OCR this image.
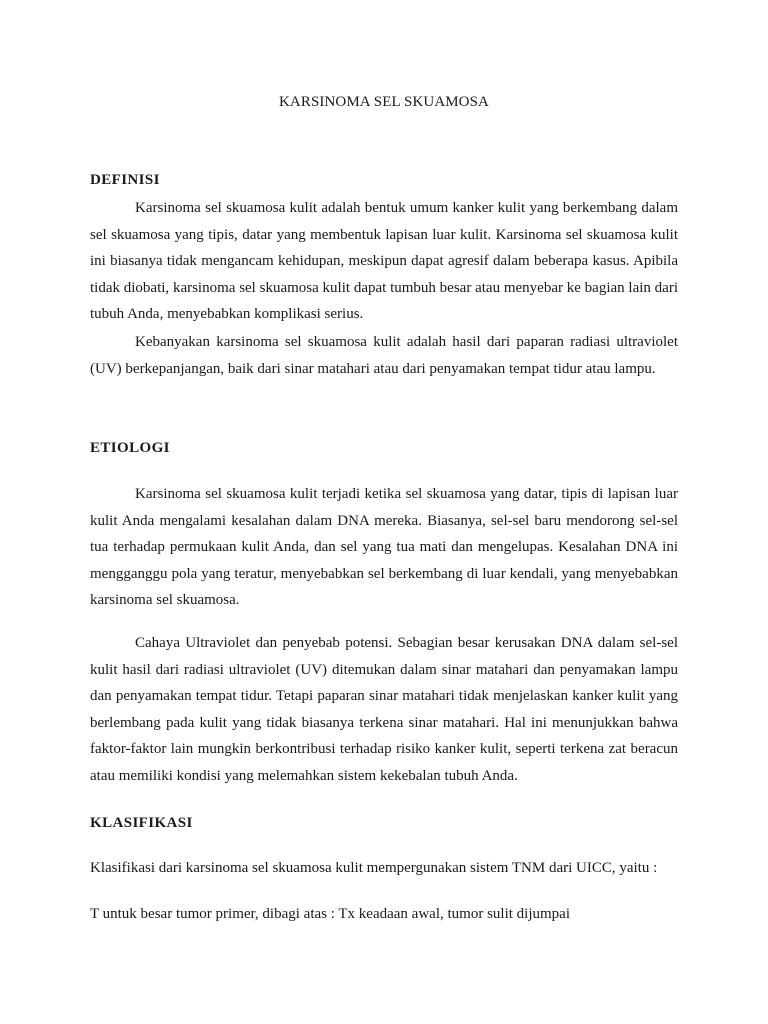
KARSINOMA SEL SKUAMOSA
DEFINISI

Karsinoma sel skuamosa kulit adalah bentuk umum kanker kulit yang berkembang dalam sel skuamosa yang tipis, datar yang membentuk lapisan luar kulit. Karsinoma sel skuamosa kulit ini biasanya tidak mengancam kehidupan, meskipun dapat agresif dalam beberapa kasus. Apibila tidak diobati, karsinoma sel skuamosa kulit dapat tumbuh besar atau menyebar ke bagian lain dari tubuh Anda, menyebabkan komplikasi serius.

Kebanyakan karsinoma sel skuamosa kulit adalah hasil dari paparan radiasi ultraviolet (UV) berkepanjangan, baik dari sinar matahari atau dari penyamakan tempat tidur atau lampu.

ETIOLOGI

Karsinoma sel skuamosa kulit terjadi ketika sel skuamosa yang datar, tipis di lapisan luar kulit Anda mengalami kesalahan dalam DNA mereka. Biasanya, sel-sel baru mendorong sel-sel tua terhadap permukaan kulit Anda, dan sel yang tua mati dan mengelupas. Kesalahan DNA ini mengganggu pola yang teratur, menyebabkan sel berkembang di luar kendali, yang menyebabkan karsinoma sel skuamosa.

Cahaya Ultraviolet dan penyebab potensi. Sebagian besar kerusakan DNA dalam sel-sel kulit hasil dari radiasi ultraviolet (UV) ditemukan dalam sinar matahari dan penyamakan lampu dan penyamakan tempat tidur. Tetapi paparan sinar matahari tidak menjelaskan kanker kulit yang berlembang pada kulit yang tidak biasanya terkena sinar matahari. Hal ini menunjukkan bahwa faktor-faktor lain mungkin berkontribusi terhadap risiko kanker kulit, seperti terkena zat beracun atau memiliki kondisi yang melemahkan sistem kekebalan tubuh Anda.

KLASIFIKASI

Klasifikasi dari karsinoma sel skuamosa kulit mempergunakan sistem TNM dari UICC, yaitu :

T untuk besar tumor primer, dibagi atas : Tx keadaan awal, tumor sulit dijumpai
